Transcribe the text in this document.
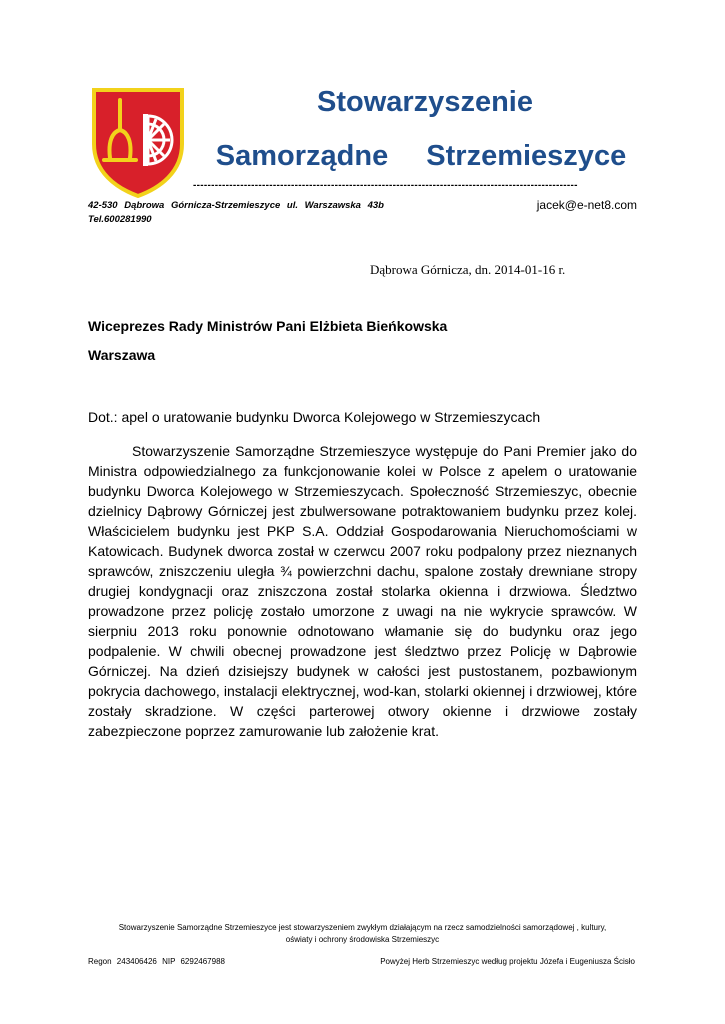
Stowarzyszenie
Samorządne Strzemieszyce
----------------------------------------------------------------------------------------------------------
42-530 Dąbrowa Górnicza-Strzemieszyce ul. Warszawska 43b
Tel.600281990
jacek@e-net8.com
Dąbrowa Górnicza, dn. 2014-01-16 r.
Wiceprezes Rady Ministrów Pani Elżbieta Bieńkowska
Warszawa
Dot.: apel o uratowanie budynku Dworca Kolejowego w Strzemieszycach
Stowarzyszenie Samorządne Strzemieszyce występuje do Pani Premier jako do Ministra odpowiedzialnego za funkcjonowanie kolei w Polsce z apelem o uratowanie budynku Dworca Kolejowego w Strzemieszycach. Społeczność Strzemieszyc, obecnie dzielnicy Dąbrowy Górniczej jest zbulwersowane potraktowaniem budynku przez kolej. Właścicielem budynku jest PKP S.A. Oddział Gospodarowania Nieruchomościami w Katowicach. Budynek dworca został w czerwcu 2007 roku podpalony przez nieznanych sprawców, zniszczeniu uległa ¾ powierzchni dachu, spalone zostały drewniane stropy drugiej kondygnacji oraz zniszczona został stolarka okienna i drzwiowa. Śledztwo prowadzone przez policję zostało umorzone z uwagi na nie wykrycie sprawców. W sierpniu 2013 roku ponownie odnotowano włamanie się do budynku oraz jego podpalenie. W chwili obecnej prowadzone jest śledztwo przez Policję w Dąbrowie Górniczej. Na dzień dzisiejszy budynek w całości jest pustostanem, pozbawionym pokrycia dachowego, instalacji elektrycznej, wod-kan, stolarki okiennej i drzwiowej, które zostały skradzione. W części parterowej otwory okienne i drzwiowe zostały zabezpieczone poprzez zamurowanie lub założenie krat.
Stowarzyszenie Samorządne Strzemieszyce jest stowarzyszeniem zwykłym działającym na rzecz samodzielności samorządowej , kultury,
oświaty i ochrony środowiska Strzemieszyc
Regon 243406426 NIP 6292467988	Powyżej Herb Strzemieszyc według projektu Józefa i Eugeniusza Ścisło
